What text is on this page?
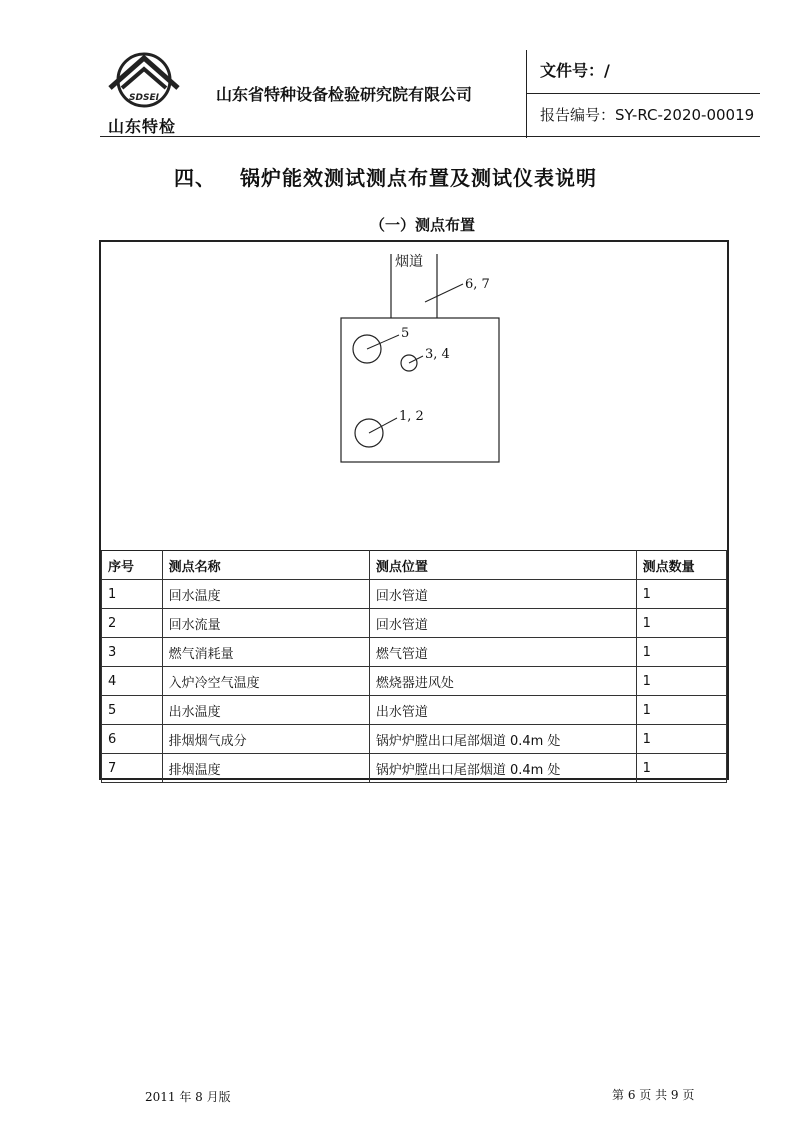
SDSEI
山东特检
山东省特种设备检验研究院有限公司
文件号：/
报告编号：SY-RC-2020-00019
四、 锅炉能效测试测点布置及测试仪表说明
（一）测点布置
烟道
6, 7
5
3, 4
1, 2
序号	测点名称	测点位置	测点数量
1	回水温度	回水管道	1
2	回水流量	回水管道	1
3	燃气消耗量	燃气管道	1
4	入炉冷空气温度	燃烧器进风处	1
5	出水温度	出水管道	1
6	排烟烟气成分	锅炉炉膛出口尾部烟道 0.4m 处	1
7	排烟温度	锅炉炉膛出口尾部烟道 0.4m 处	1
2011 年 8 月版	第 6 页 共 9 页
